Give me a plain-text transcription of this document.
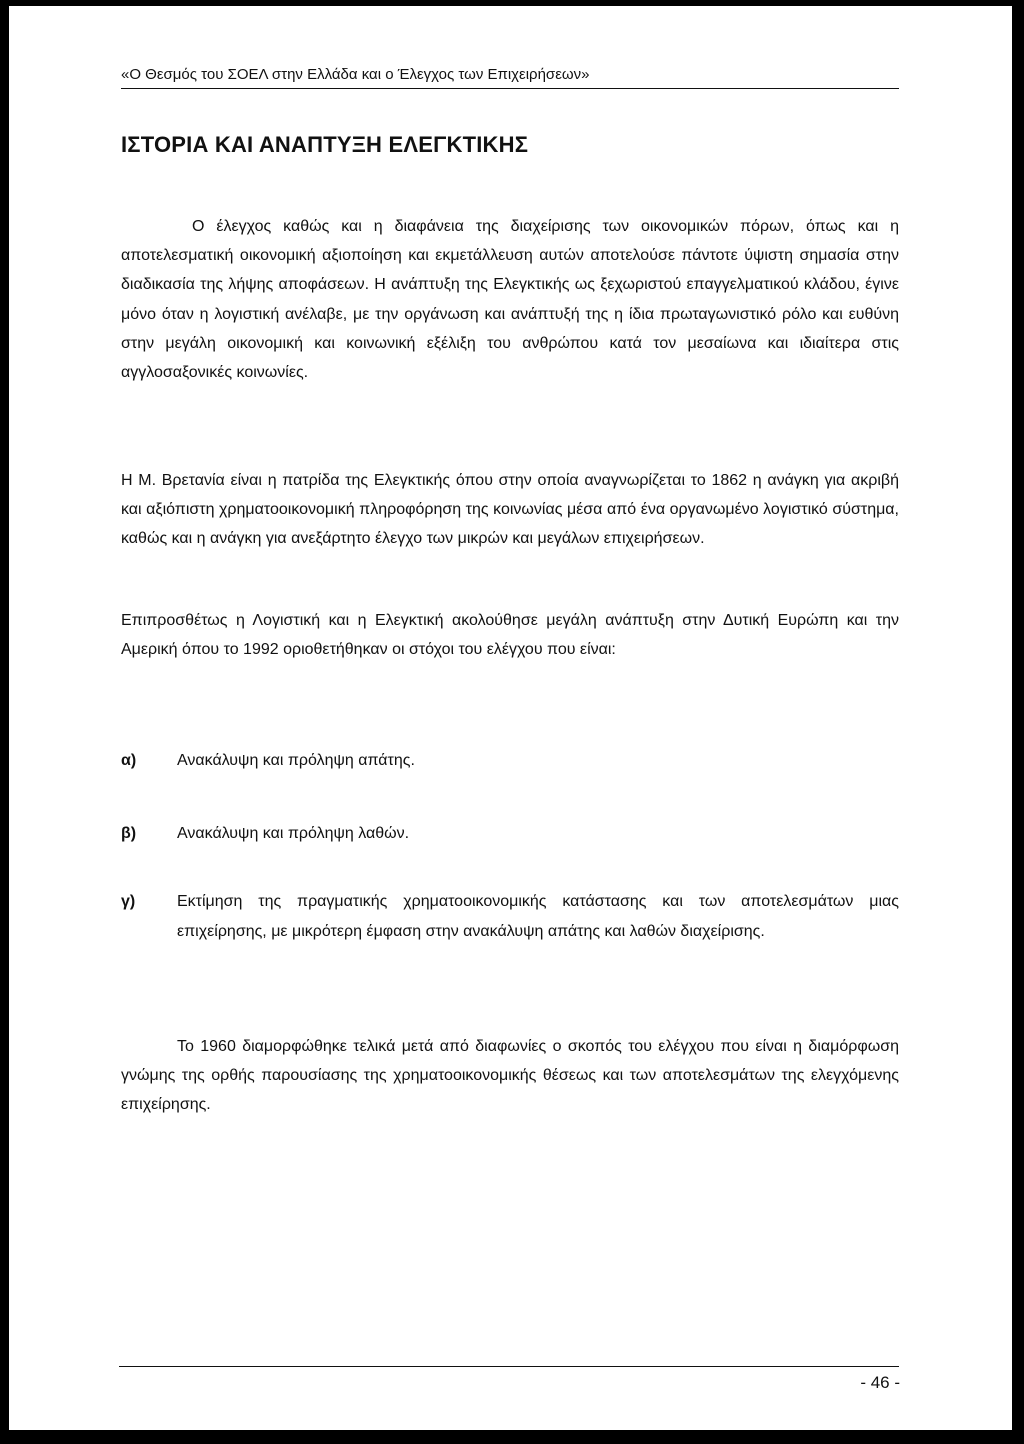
«Ο Θεσμός του ΣΟΕΛ στην Ελλάδα και ο Έλεγχος των Επιχειρήσεων»
ΙΣΤΟΡΙΑ ΚΑΙ ΑΝΑΠΤΥΞΗ ΕΛΕΓΚΤΙΚΗΣ

Ο έλεγχος καθώς και η διαφάνεια της διαχείρισης των οικονομικών πόρων, όπως και η αποτελεσματική οικονομική αξιοποίηση και εκμετάλλευση αυτών αποτελούσε πάντοτε ύψιστη σημασία στην διαδικασία της λήψης αποφάσεων. Η ανάπτυξη της Ελεγκτικής ως ξεχωριστού επαγγελματικού κλάδου, έγινε μόνο όταν η λογιστική ανέλαβε, με την οργάνωση και ανάπτυξή της η ίδια πρωταγωνιστικό ρόλο και ευθύνη στην μεγάλη οικονομική και κοινωνική εξέλιξη του ανθρώπου κατά τον μεσαίωνα και ιδιαίτερα στις αγγλοσαξονικές κοινωνίες.

Η Μ. Βρετανία είναι η πατρίδα της Ελεγκτικής όπου στην οποία αναγνωρίζεται το 1862 η ανάγκη για ακριβή και αξιόπιστη χρηματοοικονομική πληροφόρηση της κοινωνίας μέσα από ένα οργανωμένο λογιστικό σύστημα, καθώς και η ανάγκη για ανεξάρτητο έλεγχο των μικρών και μεγάλων επιχειρήσεων.

Επιπροσθέτως η Λογιστική και η Ελεγκτική ακολούθησε μεγάλη ανάπτυξη στην Δυτική Ευρώπη και την Αμερική όπου το 1992 οριοθετήθηκαν οι στόχοι του ελέγχου που είναι:

α)	Ανακάλυψη και πρόληψη απάτης.

β)	Ανακάλυψη και πρόληψη λαθών.

γ)	Εκτίμηση της πραγματικής χρηματοοικονομικής κατάστασης και των αποτελεσμάτων μιας επιχείρησης, με μικρότερη έμφαση στην ανακάλυψη απάτης και λαθών διαχείρισης.

Το 1960 διαμορφώθηκε τελικά μετά από διαφωνίες ο σκοπός του ελέγχου που είναι η διαμόρφωση γνώμης της ορθής παρουσίασης της χρηματοοικονομικής θέσεως και των αποτελεσμάτων της ελεγχόμενης επιχείρησης.

- 46 -
